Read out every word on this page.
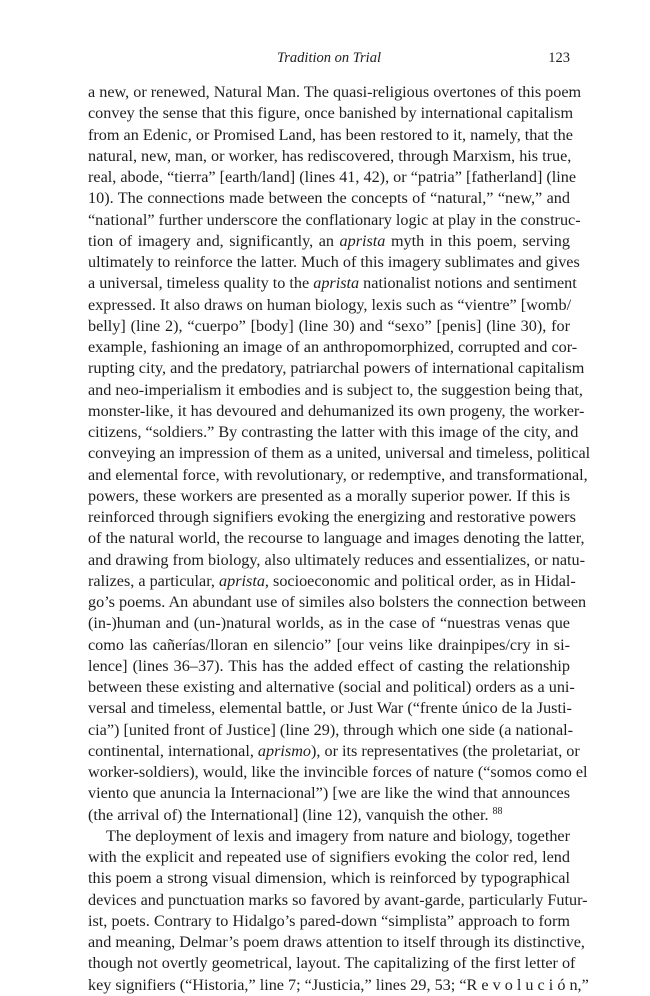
Tradition on Trial	123
a new, or renewed, Natural Man. The quasi-religious overtones of this poem
convey the sense that this figure, once banished by international capitalism
from an Edenic, or Promised Land, has been restored to it, namely, that the
natural, new, man, or worker, has rediscovered, through Marxism, his true,
real, abode, “tierra” [earth/land] (lines 41, 42), or “patria” [fatherland] (line
10). The connections made between the concepts of “natural,” “new,” and
“national” further underscore the conflationary logic at play in the construc-
tion of imagery and, significantly, an aprista myth in this poem, serving
ultimately to reinforce the latter. Much of this imagery sublimates and gives
a universal, timeless quality to the aprista nationalist notions and sentiment
expressed. It also draws on human biology, lexis such as “vientre” [womb/
belly] (line 2), “cuerpo” [body] (line 30) and “sexo” [penis] (line 30), for
example, fashioning an image of an anthropomorphized, corrupted and cor-
rupting city, and the predatory, patriarchal powers of international capitalism
and neo-imperialism it embodies and is subject to, the suggestion being that,
monster-like, it has devoured and dehumanized its own progeny, the worker-
citizens, “soldiers.” By contrasting the latter with this image of the city, and
conveying an impression of them as a united, universal and timeless, political
and elemental force, with revolutionary, or redemptive, and transformational,
powers, these workers are presented as a morally superior power. If this is
reinforced through signifiers evoking the energizing and restorative powers
of the natural world, the recourse to language and images denoting the latter,
and drawing from biology, also ultimately reduces and essentializes, or natu-
ralizes, a particular, aprista, socioeconomic and political order, as in Hidal-
go’s poems. An abundant use of similes also bolsters the connection between
(in-)human and (un-)natural worlds, as in the case of “nuestras venas que
como las cañerías/lloran en silencio” [our veins like drainpipes/cry in si-
lence] (lines 36–37). This has the added effect of casting the relationship
between these existing and alternative (social and political) orders as a uni-
versal and timeless, elemental battle, or Just War (“frente único de la Justi-
cia”) [united front of Justice] (line 29), through which one side (a national-
continental, international, aprismo), or its representatives (the proletariat, or
worker-soldiers), would, like the invincible forces of nature (“somos como el
viento que anuncia la Internacional”) [we are like the wind that announces
(the arrival of) the International] (line 12), vanquish the other. $^{88}$
The deployment of lexis and imagery from nature and biology, together
with the explicit and repeated use of signifiers evoking the color red, lend
this poem a strong visual dimension, which is reinforced by typographical
devices and punctuation marks so favored by avant-garde, particularly Futur-
ist, poets. Contrary to Hidalgo’s pared-down “simplista” approach to form
and meaning, Delmar’s poem draws attention to itself through its distinctive,
though not overtly geometrical, layout. The capitalizing of the first letter of
key signifiers (“Historia,” line 7; “Justicia,” lines 29, 53; “R e v o l u c i ó n,”
